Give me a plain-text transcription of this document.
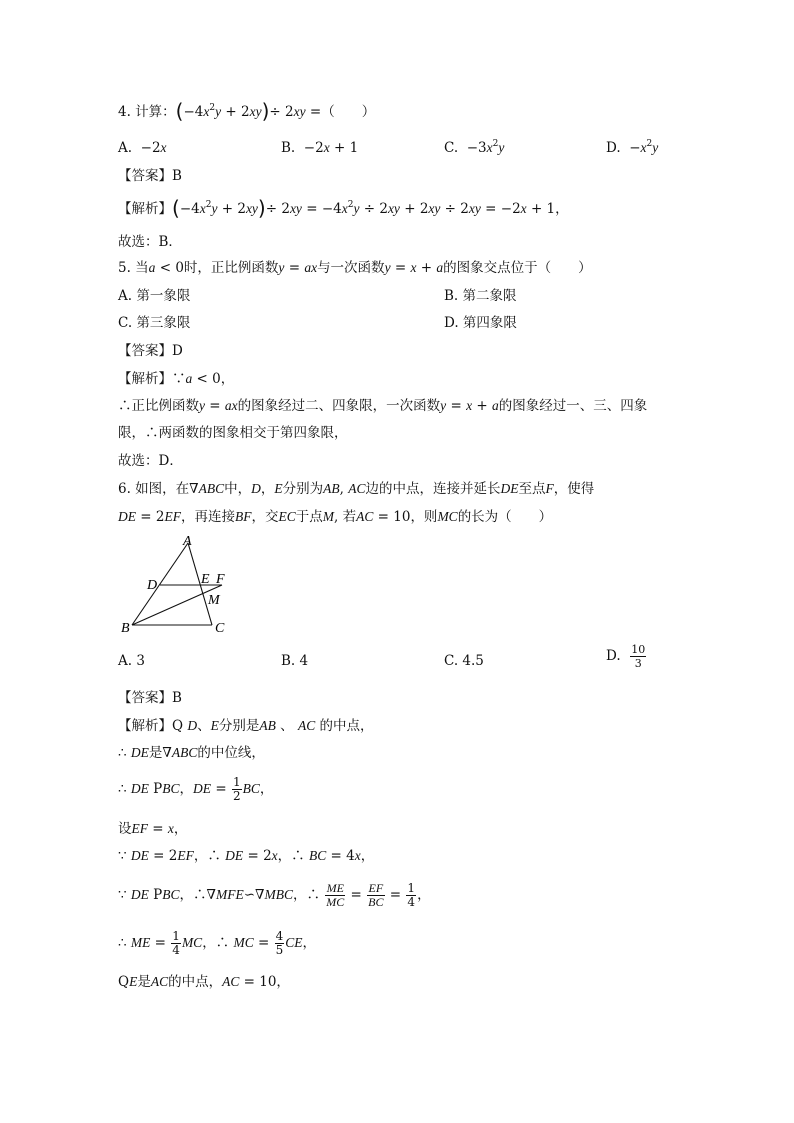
4. 计算：$(-4x^2y + 2xy)\div 2xy$ =（　　）
A.  −2x	B.  −2x + 1	C.  $-3x^2y$	D.  $-x^2y$
【答案】B
【解析】$(-4x^2y + 2xy)\div 2xy = -4x^2y \div 2xy + 2xy \div 2xy = -2x + 1$，
故选：B．
5. 当a < 0时，正比例函数y = ax与一次函数y = x + a的图象交点位于（　　）
A. 第一象限	B. 第二象限
C. 第三象限	D. 第四象限
【答案】D
【解析】∵a < 0，
∴正比例函数y = ax的图象经过二、四象限，一次函数y = x + a的图象经过一、三、四象
限，∴两函数的图象相交于第四象限，
故选：D．
6. 如图，在∇ABC中，D，E分别为AB, AC边的中点，连接并延长DE至点F，使得
DE = 2EF，再连接BF，交EC于点M, 若AC = 10，则MC的长为（　　）
A
B	C
D	E F
M
A. 3	B. 4	C. 4.5	D. $\frac{10}{3}$
【答案】B
【解析】Q D、E分别是AB 、 AC 的中点，
∴ DE是∇ABC的中位线，
∴ DE PBC，DE = $\frac{1}{2}$ BC，
设EF = x，
∵ DE = 2EF，∴ DE = 2x，∴ BC = 4x，
∵ DE PBC，∴∇MFE∽∇MBC，∴ $\frac{ME}{MC} = \frac{EF}{BC} = \frac{1}{4}$ ，
∴ ME = $\frac{1}{4}$ MC，∴ MC = $\frac{4}{5}$ CE，
QE是AC的中点，AC = 10，
